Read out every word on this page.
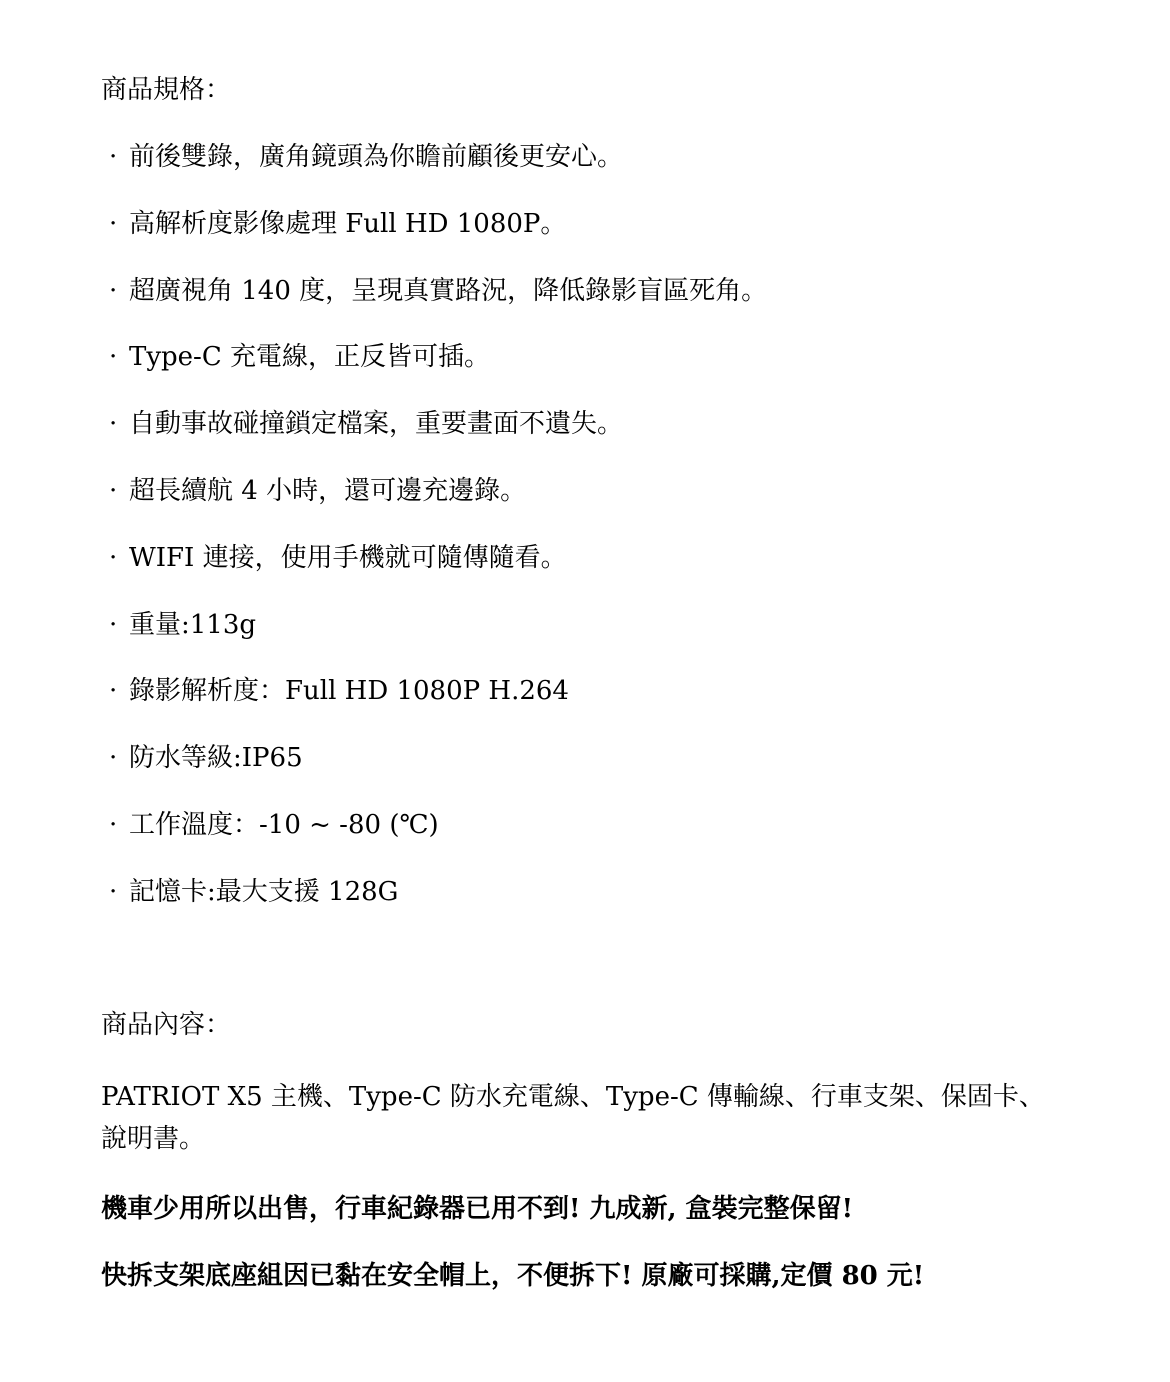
商品規格：
· 前後雙錄，廣角鏡頭為你瞻前顧後更安心。
· 高解析度影像處理 Full HD 1080P。
· 超廣視角 140 度，呈現真實路況，降低錄影盲區死角。
· Type-C 充電線，正反皆可插。
· 自動事故碰撞鎖定檔案，重要畫面不遺失。
· 超長續航 4 小時，還可邊充邊錄。
· WIFI 連接，使用手機就可隨傳隨看。
· 重量:113g
· 錄影解析度：Full HD 1080P H.264
· 防水等級:IP65
· 工作溫度：-10 ~ -80 (℃)
· 記憶卡:最大支援 128G
商品內容：
PATRIOT X5 主機、Type-C 防水充電線、Type-C 傳輸線、行車支架、保固卡、說明書。
機車少用所以出售，行車紀錄器已用不到! 九成新, 盒裝完整保留!
快拆支架底座組因已黏在安全帽上，不便拆下! 原廠可採購,定價 80 元!
